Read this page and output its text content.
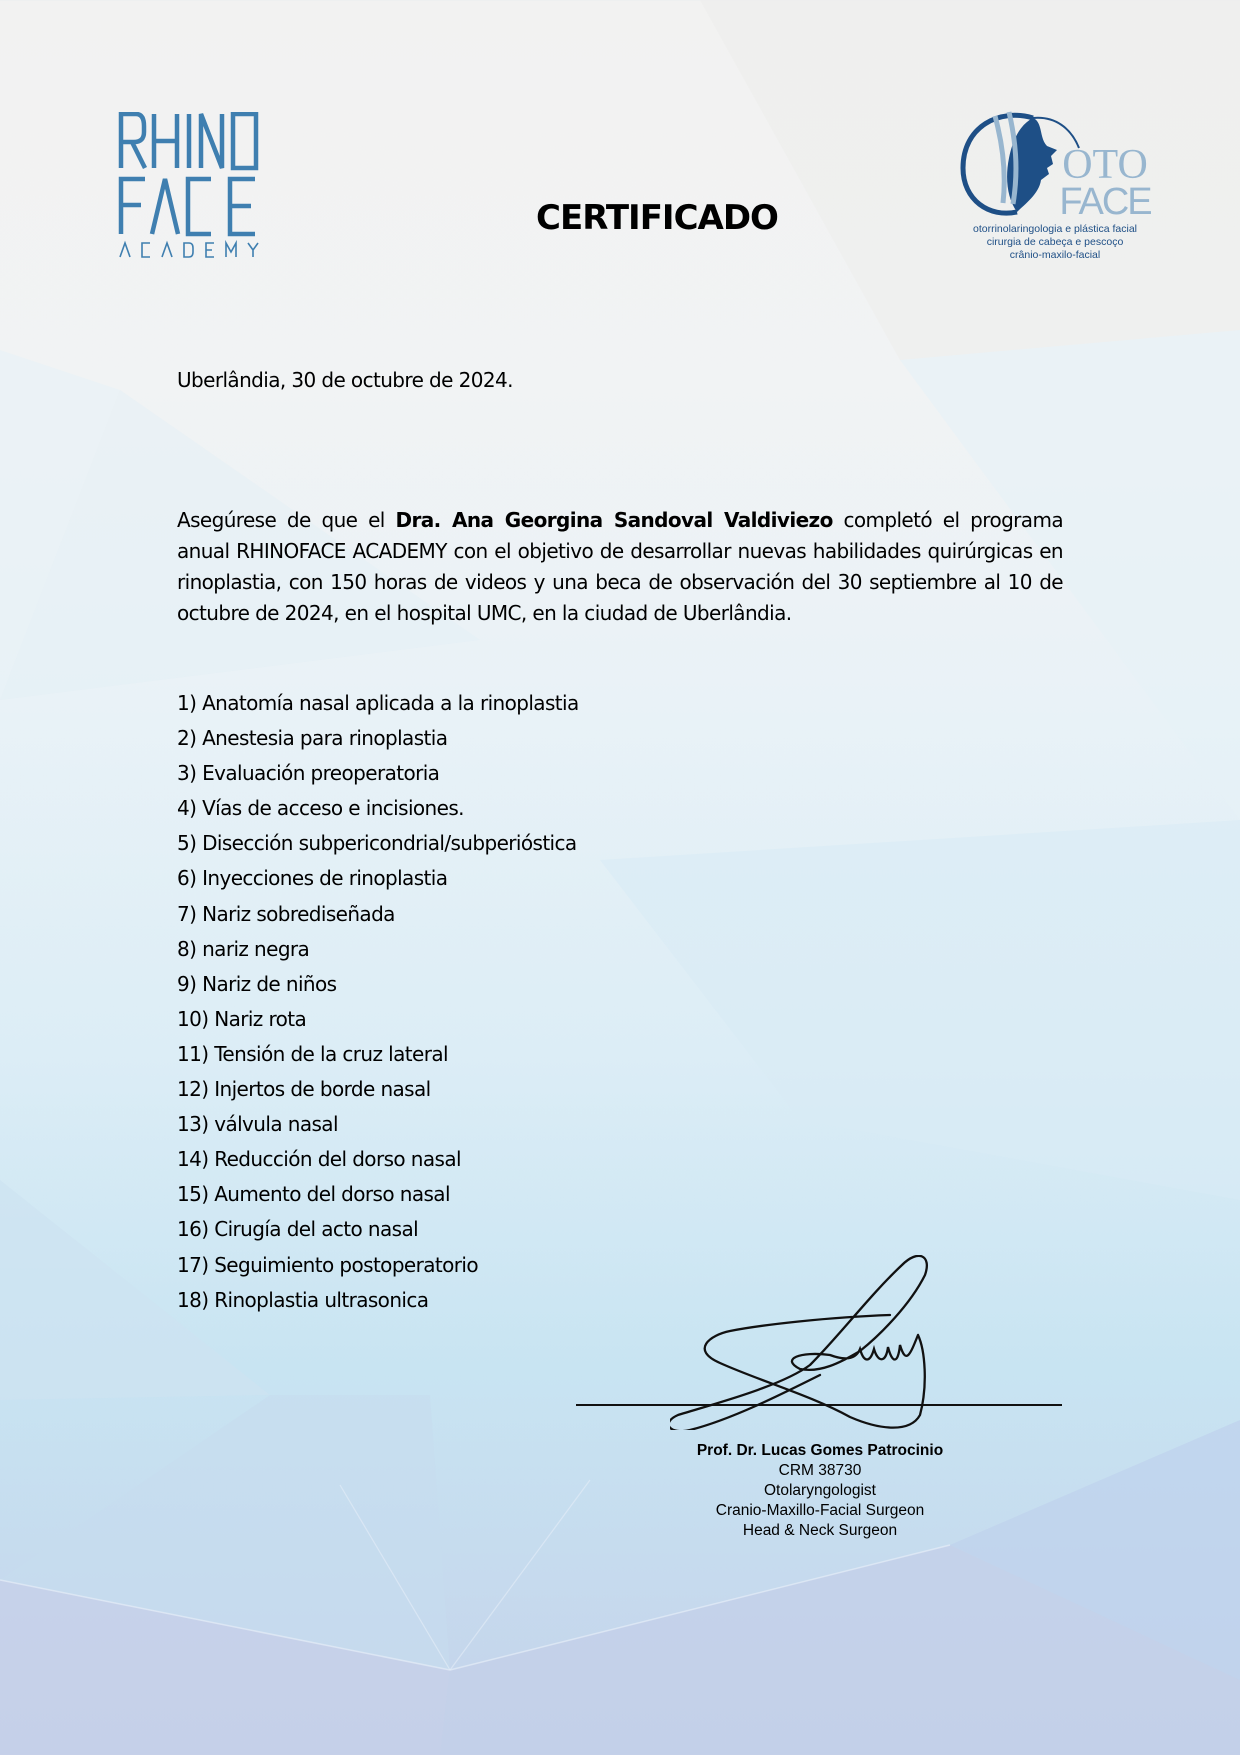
OTO
FACE
otorrinolaringologia e plástica facial
cirurgia de cabeça e pescoço
crânio-maxilo-facial
CERTIFICADO
Uberlândia, 30 de octubre de 2024.
Asegúrese de que el Dra. Ana Georgina Sandoval Valdiviezo completó el programa anual RHINOFACE ACADEMY con el objetivo de desarrollar nuevas habilidades quirúrgicas en rinoplastia, con 150 horas de videos y una beca de observación del 30 septiembre al 10 de octubre de 2024, en el hospital UMC, en la ciudad de Uberlândia.
1) Anatomía nasal aplicada a la rinoplastia
2) Anestesia para rinoplastia
3) Evaluación preoperatoria
4) Vías de acceso e incisiones.
5) Disección subpericondrial/subperióstica
6) Inyecciones de rinoplastia
7) Nariz sobrediseñada
8) nariz negra
9) Nariz de niños
10) Nariz rota
11) Tensión de la cruz lateral
12) Injertos de borde nasal
13) válvula nasal
14) Reducción del dorso nasal
15) Aumento del dorso nasal
16) Cirugía del acto nasal
17) Seguimiento postoperatorio
18) Rinoplastia ultrasonica
Prof. Dr. Lucas Gomes Patrocinio
CRM 38730
Otolaryngologist
Cranio-Maxillo-Facial Surgeon
Head & Neck Surgeon
